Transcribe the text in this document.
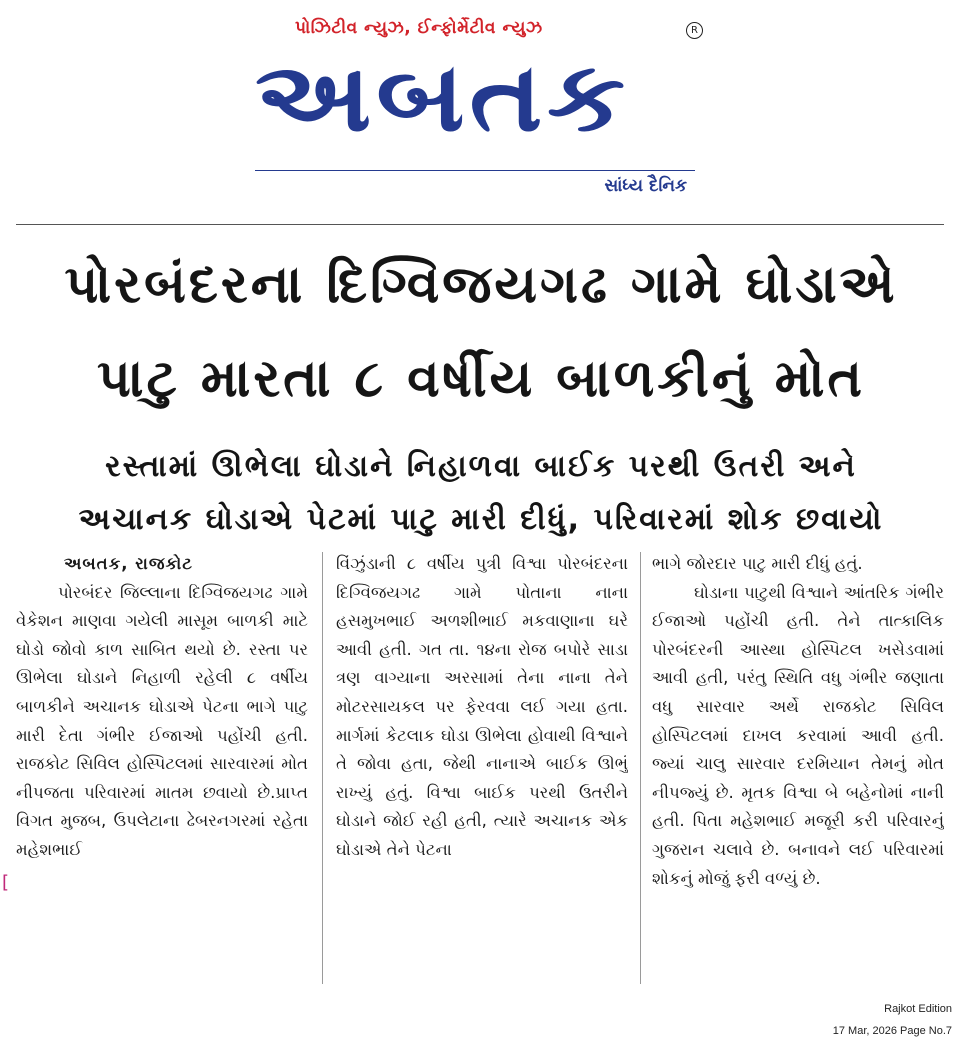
પોઝિટીવ ન્યુઝ, ઈન્ફોર્મેટીવ ન્યુઝ	R
અબતક
સાંધ્ય દૈનિક
પોરબંદરના દિગ્વિજયગઢ ગામે ઘોડાએ
પાટુ મારતા ૮ વર્ષીય બાળકીનું મોત
રસ્તામાં ઊભેલા ઘોડાને નિહાળવા બાઈક પરથી ઉતરી અને
અચાનક ઘોડાએ પેટમાં પાટુ મારી દીધું, પરિવારમાં શોક છવાયો

અબતક, રાજકોટ

પોરબંદર જિલ્લાના દિગ્વિજયગઢ ગામે વેકેશન માણવા ગયેલી માસૂમ બાળકી માટે ઘોડો જોવો કાળ સાબિત થયો છે. રસ્તા પર ઊભેલા ઘોડાને નિહાળી રહેલી ૮ વર્ષીય બાળકીને અચાનક ઘોડાએ પેટના ભાગે પાટુ મારી દેતા ગંભીર ઈજાઓ પહોંચી હતી. રાજકોટ સિવિલ હોસ્પિટલમાં સારવારમાં મોત નીપજતા પરિવારમાં માતમ છવાયો છે.પ્રાપ્ત વિગત મુજબ, ઉપલેટાના ઢેબરનગરમાં રહેતા મહેશભાઈ

વિંઝુંડાની ૮ વર્ષીય પુત્રી વિશ્વા પોરબંદરના દિગ્વિજયગઢ ગામે પોતાના નાના હસમુખભાઈ અળશીભાઈ મકવાણાના ઘરે આવી હતી. ગત તા. ૧૪ના રોજ બપોરે સાડા ત્રણ વાગ્યાના અરસામાં તેના નાના તેને મોટરસાયકલ પર ફેરવવા લઈ ગયા હતા. માર્ગમાં કેટલાક ઘોડા ઊભેલા હોવાથી વિશ્વાને તે જોવા હતા, જેથી નાનાએ બાઈક ઊભું રાખ્યું હતું. વિશ્વા બાઈક પરથી ઉતરીને ઘોડાને જોઈ રહી હતી, ત્યારે અચાનક એક ઘોડાએ તેને પેટના

ભાગે જોરદાર પાટુ મારી દીધું હતું.

ઘોડાના પાટુથી વિશ્વાને આંતરિક ગંભીર ઈજાઓ પહોંચી હતી. તેને તાત્કાલિક પોરબંદરની આસ્થા હોસ્પિટલ ખસેડવામાં આવી હતી, પરંતુ સ્થિતિ વધુ ગંભીર જણાતા વધુ સારવાર અર્થે રાજકોટ સિવિલ હોસ્પિટલમાં દાખલ કરવામાં આવી હતી. જ્યાં ચાલુ સારવાર દરમિયાન તેમનું મોત નીપજ્યું છે. મૃતક વિશ્વા બે બહેનોમાં નાની હતી. પિતા મહેશભાઈ મજૂરી કરી પરિવારનું ગુજરાન ચલાવે છે. બનાવને લઈ પરિવારમાં શોકનું મોજું ફરી વળ્યું છે.

[
Rajkot Edition
17 Mar, 2026 Page No.7
